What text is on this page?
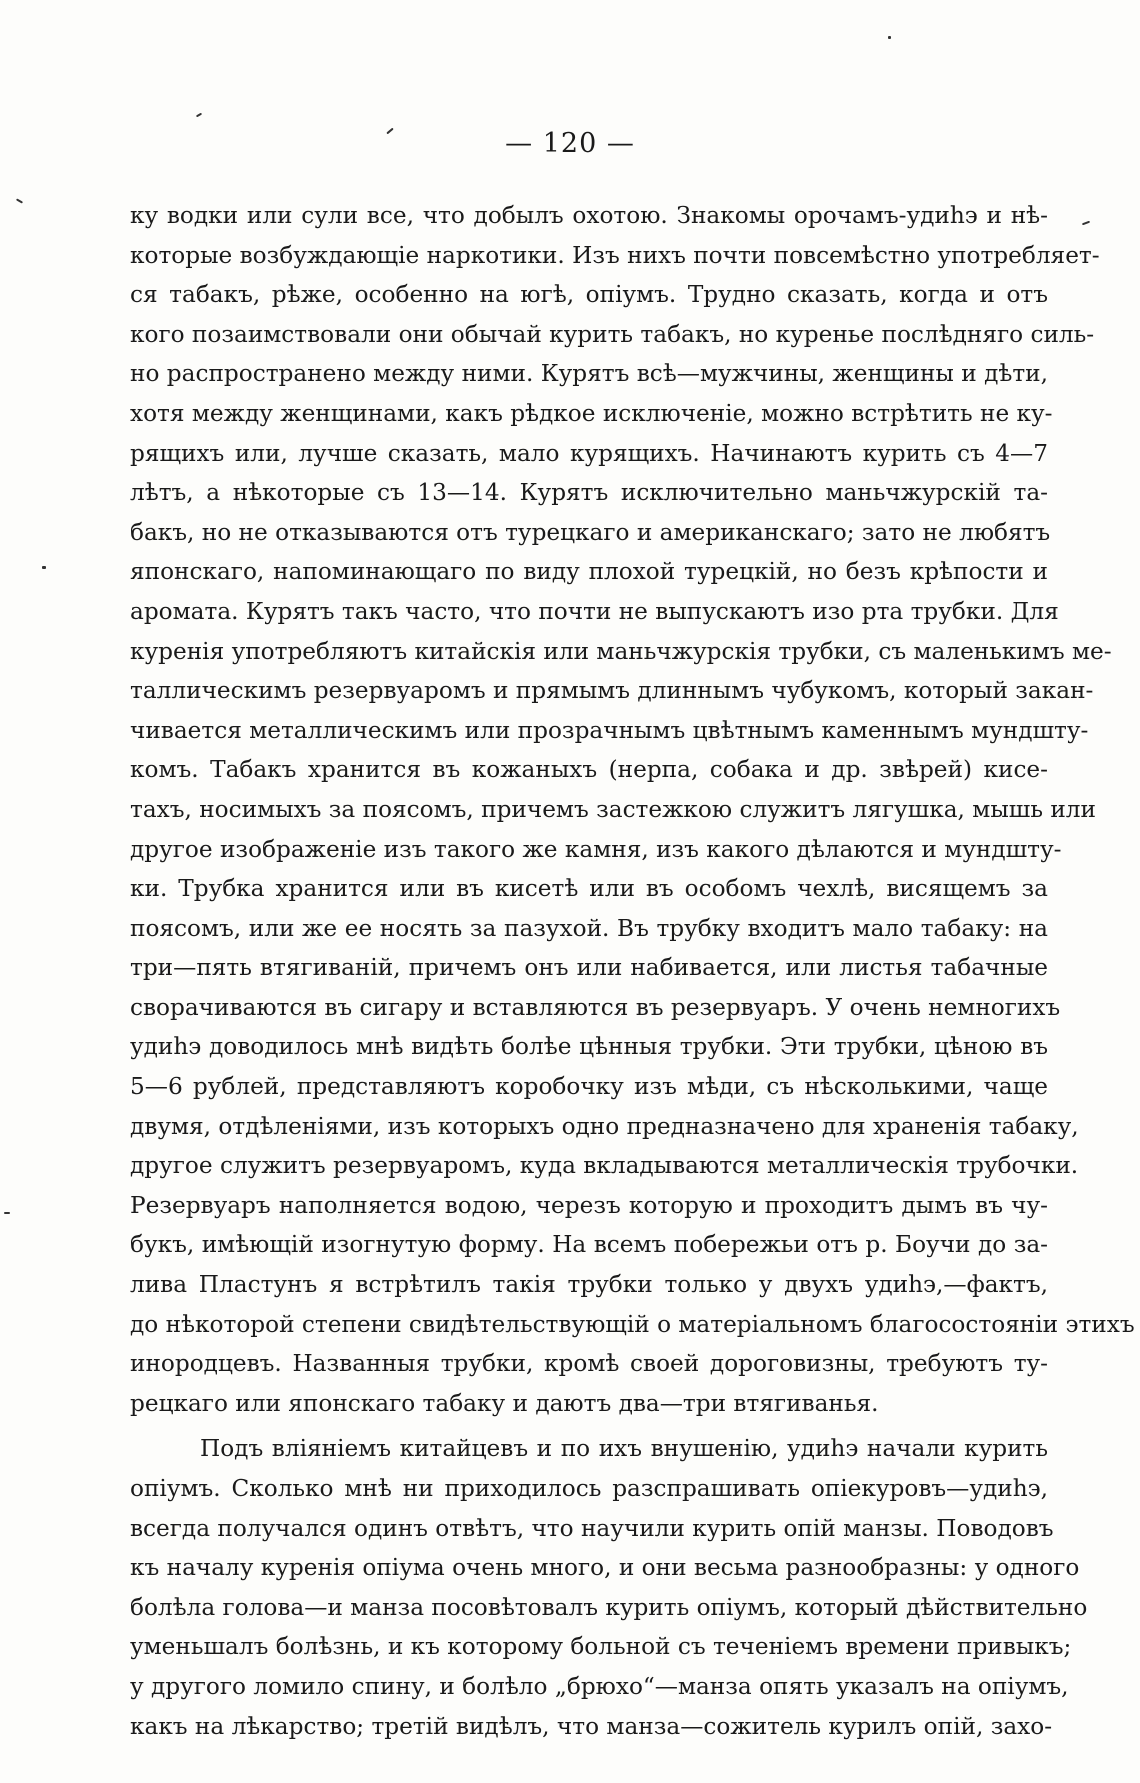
— 120 —
ку водки или сули все, что добылъ охотою. Знакомы орочамъ-удиһэ и нѣ-
которые возбуждающіе наркотики. Изъ нихъ почти повсемѣстно употребляет-
ся табакъ, рѣже, особенно на югѣ, опіумъ. Трудно сказать, когда и отъ
кого позаимствовали они обычай курить табакъ, но куренье послѣдняго силь-
но распространено между ними. Курятъ всѣ—мужчины, женщины и дѣти,
хотя между женщинами, какъ рѣдкое исключеніе, можно встрѣтить не ку-
рящихъ или, лучше сказать, мало курящихъ. Начинаютъ курить съ 4—7
лѣтъ, а нѣкоторые съ 13—14. Курятъ исключительно маньчжурскій та-
бакъ, но не отказываются отъ турецкаго и американскаго; зато не любятъ
японскаго, напоминающаго по виду плохой турецкій, но безъ крѣпости и
аромата. Курятъ такъ часто, что почти не выпускаютъ изо рта трубки. Для
куренія употребляютъ китайскія или маньчжурскія трубки, съ маленькимъ ме-
таллическимъ резервуаромъ и прямымъ длиннымъ чубукомъ, который закан-
чивается металлическимъ или прозрачнымъ цвѣтнымъ каменнымъ мундшту-
комъ. Табакъ хранится въ кожаныхъ (нерпа, собака и др. звѣрей) кисе-
тахъ, носимыхъ за поясомъ, причемъ застежкою служитъ лягушка, мышь или
другое изображеніе изъ такого же камня, изъ какого дѣлаются и мундшту-
ки. Трубка хранится или въ кисетѣ или въ особомъ чехлѣ, висящемъ за
поясомъ, или же ее носять за пазухой. Въ трубку входитъ мало табаку: на
три—пять втягиваній, причемъ онъ или набивается, или листья табачные
сворачиваются въ сигару и вставляются въ резервуаръ. У очень немногихъ
удиһэ доводилось мнѣ видѣть болѣе цѣнныя трубки. Эти трубки, цѣною въ
5—6 рублей, представляютъ коробочку изъ мѣди, съ нѣсколькими, чаще
двумя, отдѣленіями, изъ которыхъ одно предназначено для храненія табаку,
другое служитъ резервуаромъ, куда вкладываются металлическія трубочки.
Резервуаръ наполняется водою, черезъ которую и проходитъ дымъ въ чу-
букъ, имѣющій изогнутую форму. На всемъ побережьи отъ р. Боучи до за-
лива Пластунъ я встрѣтилъ такія трубки только у двухъ удиһэ,—фактъ,
до нѣкоторой степени свидѣтельствующій о матеріальномъ благосостояніи этихъ
инородцевъ. Названныя трубки, кромѣ своей дороговизны, требуютъ ту-
рецкаго или японскаго табаку и даютъ два—три втягиванья.
Подъ вліяніемъ китайцевъ и по ихъ внушенію, удиһэ начали курить
опіумъ. Сколько мнѣ ни приходилось разспрашивать опіекуровъ—удиһэ,
всегда получался одинъ отвѣтъ, что научили курить опій манзы. Поводовъ
къ началу куренія опіума очень много, и они весьма разнообразны: у одного
болѣла голова—и манза посовѣтовалъ курить опіумъ, который дѣйствительно
уменьшалъ болѣзнь, и къ которому больной съ теченіемъ времени привыкъ;
у другого ломило спину, и болѣло „брюхо“—манза опять указалъ на опіумъ,
какъ на лѣкарство; третій видѣлъ, что манза—сожитель курилъ опій, захо-
